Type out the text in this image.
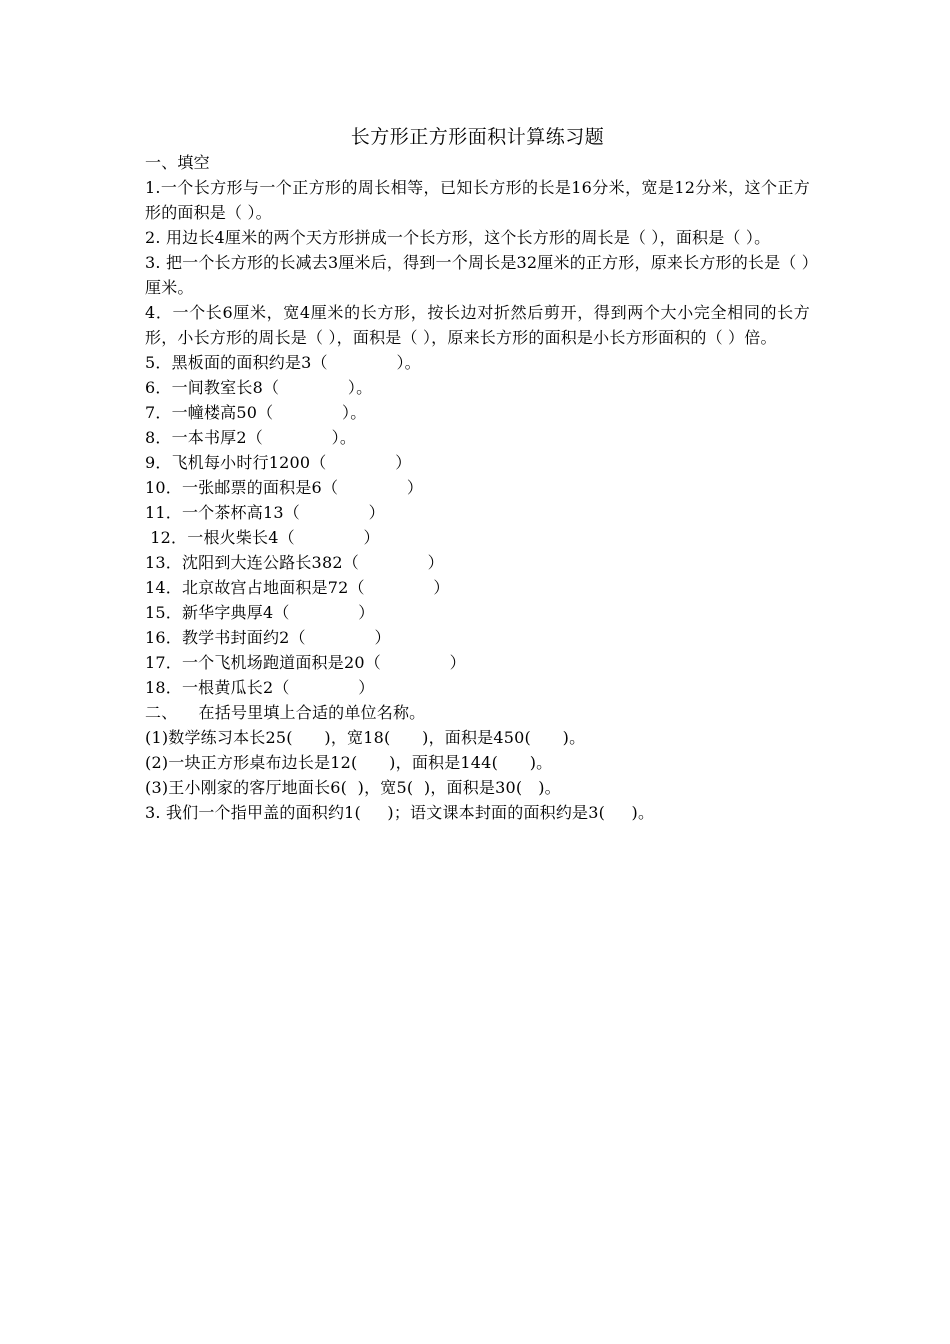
长方形正方形面积计算练习题

一、填空

1.一个长方形与一个正方形的周长相等，已知长方形的长是16分米，宽是12分米，这个正方形的面积是（ ）。

2. 用边长4厘米的两个天方形拼成一个长方形，这个长方形的周长是（ ），面积是（ ）。

3. 把一个长方形的长减去3厘米后，得到一个周长是32厘米的正方形，原来长方形的长是（ ）厘米。

4．一个长6厘米，宽4厘米的长方形，按长边对折然后剪开，得到两个大小完全相同的长方形，小长方形的周长是（ ），面积是（ ），原来长方形的面积是小长方形面积的（ ）倍。

5．黑板面的面积约是3（             ）。

6．一间教室长8（             ）。

7．一幢楼高50（             ）。

8．一本书厚2（             ）。

9．飞机每小时行1200（             ）

10．一张邮票的面积是6（             ）

11．一个茶杯高13（             ）

12．一根火柴长4（             ）

13．沈阳到大连公路长382（             ）

14．北京故宫占地面积是72（             ）

15．新华字典厚4（             ）

16．教学书封面约2（             ）

17．一个飞机场跑道面积是20（             ）

18．一根黄瓜长2（             ）

二、    在括号里填上合适的单位名称。

(1)数学练习本长25(      )，宽18(      )，面积是450(      )。

(2)一块正方形桌布边长是12(      )，面积是144(      )。

(3)王小刚家的客厅地面长6(  )，宽5(  )，面积是30(   )。

3. 我们一个指甲盖的面积约1(     )；语文课本封面的面积约是3(     )。
